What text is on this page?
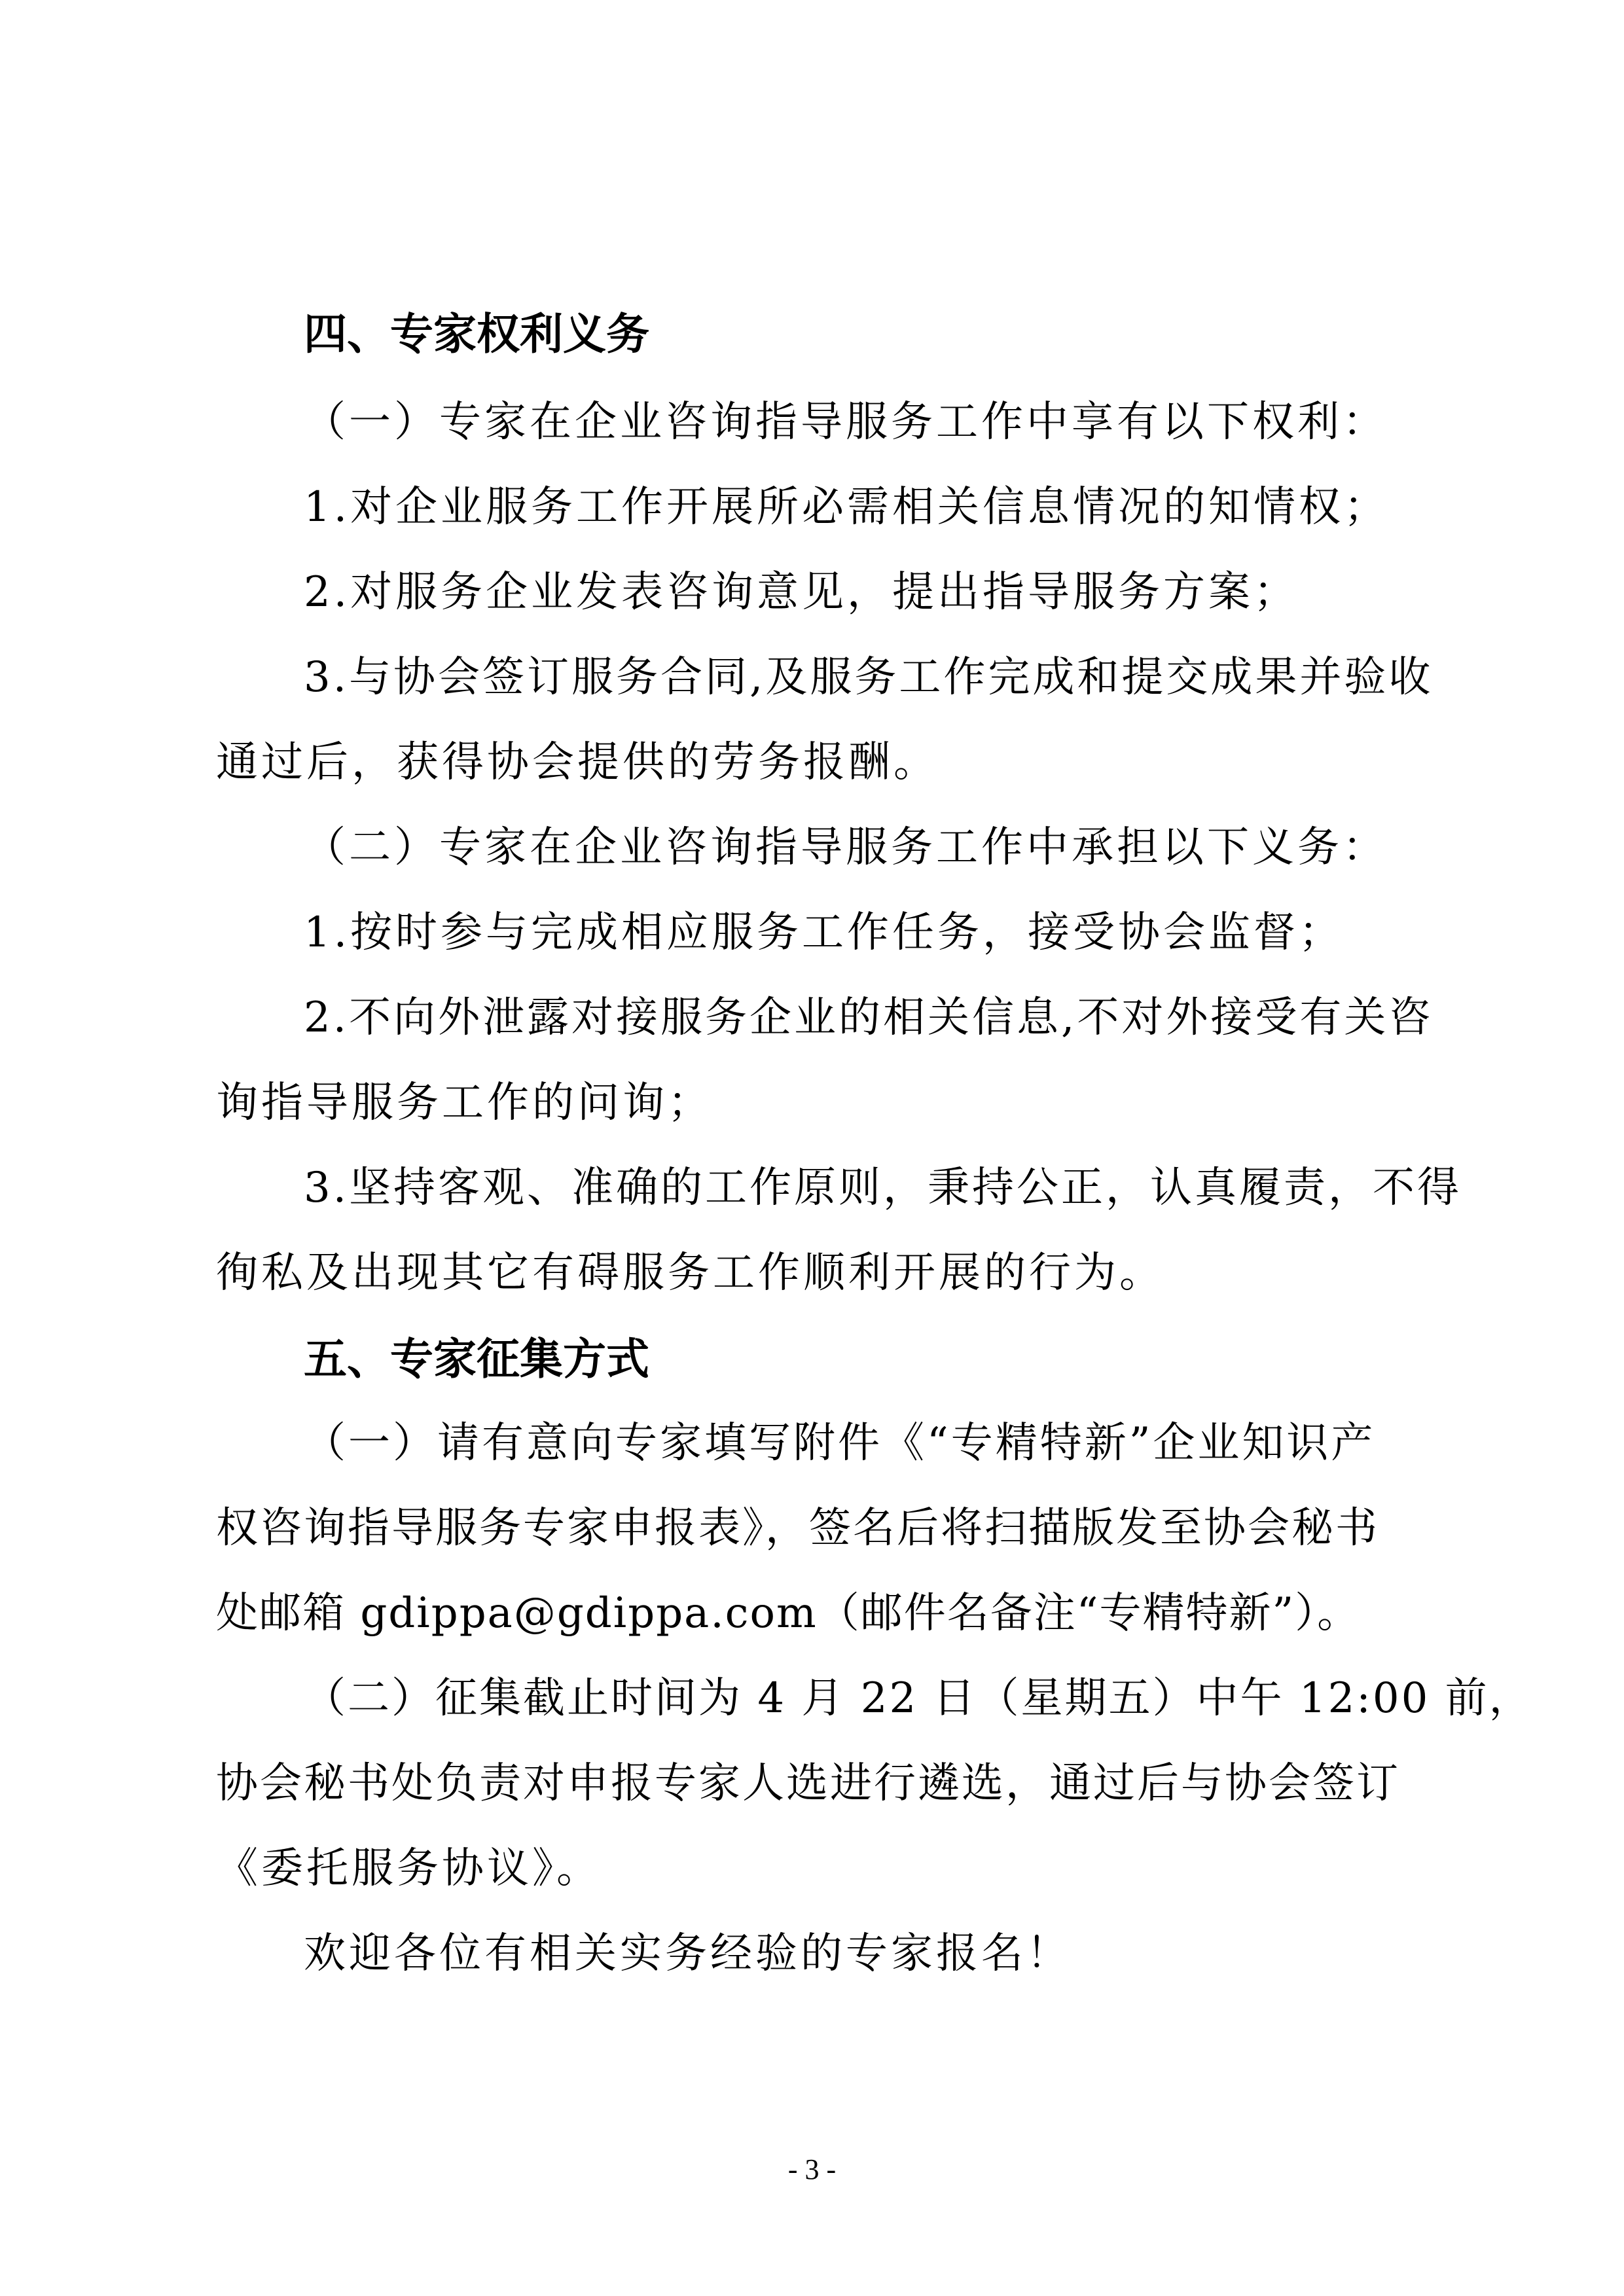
四、专家权利义务
（一）专家在企业咨询指导服务工作中享有以下权利：
1.对企业服务工作开展所必需相关信息情况的知情权；
2.对服务企业发表咨询意见，提出指导服务方案；
3.与协会签订服务合同,及服务工作完成和提交成果并验收
通过后，获得协会提供的劳务报酬。
（二）专家在企业咨询指导服务工作中承担以下义务：
1.按时参与完成相应服务工作任务，接受协会监督；
2.不向外泄露对接服务企业的相关信息,不对外接受有关咨
询指导服务工作的问询；
3.坚持客观、准确的工作原则，秉持公正，认真履责，不得
徇私及出现其它有碍服务工作顺利开展的行为。
五、专家征集方式
（一）请有意向专家填写附件《“专精特新”企业知识产
权咨询指导服务专家申报表》，签名后将扫描版发至协会秘书
处邮箱 gdippa@gdippa.com（邮件名备注“专精特新”）。
（二）征集截止时间为 4 月 22 日（星期五）中午 12:00 前，
协会秘书处负责对申报专家人选进行遴选，通过后与协会签订
《委托服务协议》。
欢迎各位有相关实务经验的专家报名！
- 3 -
